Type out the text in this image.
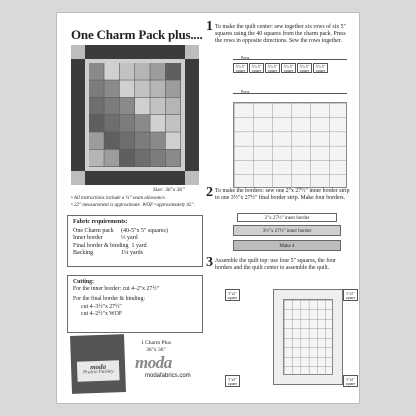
One Charm Pack plus....
Size: 36"x 36"
• All instructions include a ¼" seam allowance.
• 22" measurement is approximate. WOF=approximately 42".
Fabric requirements:
One Charm pack	(40-5"x 5" squares)
Inner border	⅓ yard
Final border & binding 1 yard
Backing	1¼ yards
Cutting:
For the inner border: cut 4–2"x 27½"
For the final border & binding:
cut 4–3½"x 27½"
cut 4–2½"x WOF
moda
Prairie Paisley
1 Charm Plus
36"x 36"
moda
modafabrics.com
1 To make the quilt center: sew together six rows of six 5" squares using the 40 squares from the charm pack. Press the rows in opposite directions. Sew the rows together.
Press
5"x 5"
square
5"x 5"
square
5"x 5"
square
5"x 5"
square
5"x 5"
square
5"x 5"
square
Press
2 To make the borders: sew one 2"x 27½" inner border strip to one 3½"x 27½" final border strip. Make four borders.
2"x 27½" inner border
3½"x 27½" inner border
Make 4
3 Assemble the quilt top: use four 5" squares, the four borders and the quilt center to assemble the quilt.
5"x5"
square
5"x5"
square
5"x5"
square
5"x5"
square
